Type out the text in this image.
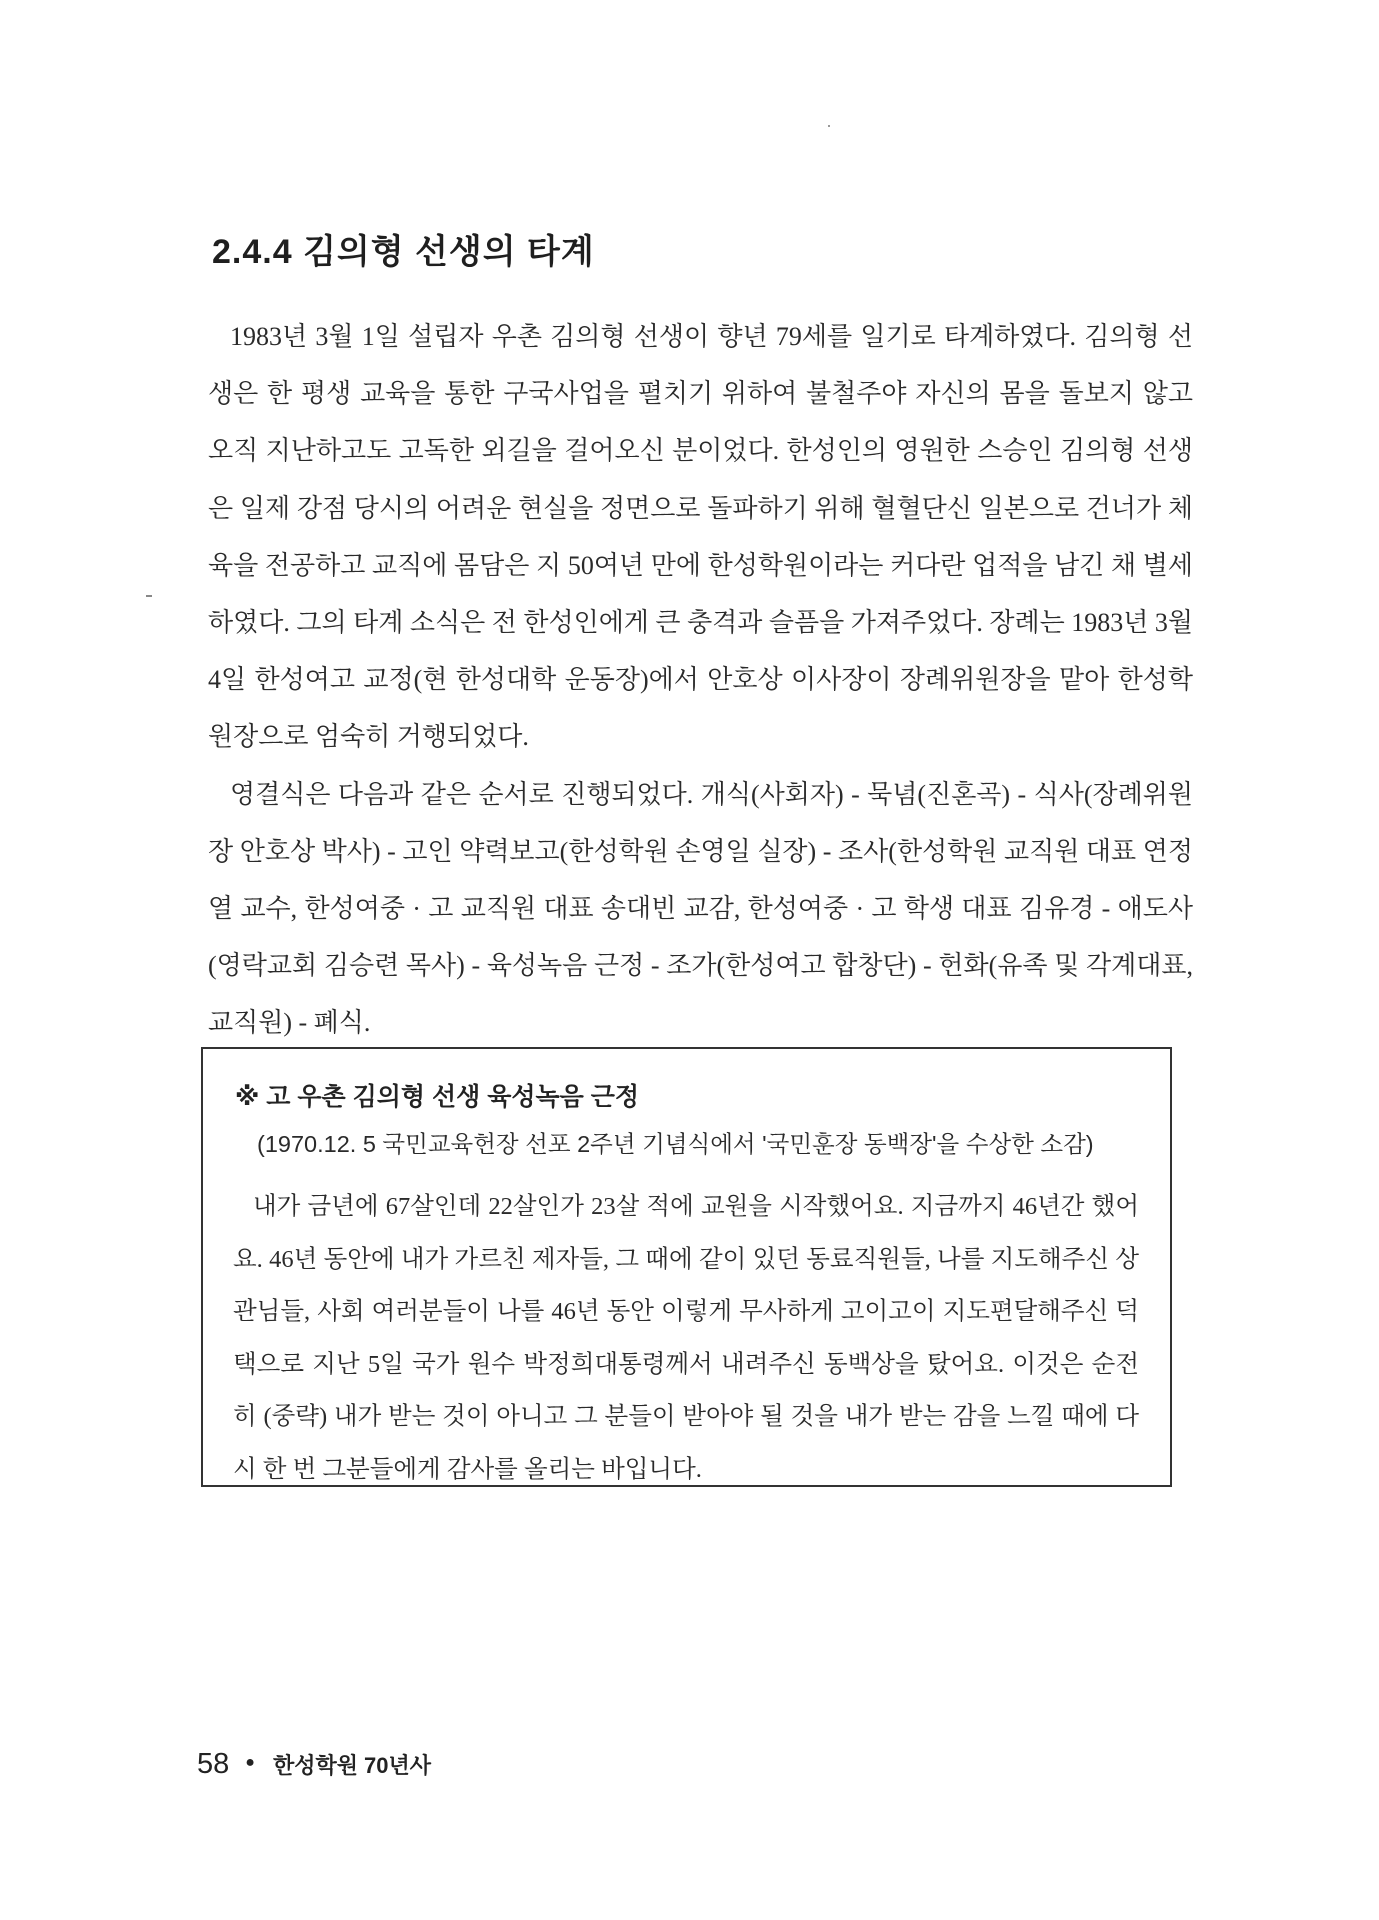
2.4.4 김의형 선생의 타계

1983년 3월 1일 설립자 우촌 김의형 선생이 향년 79세를 일기로 타계하였다. 김의형 선생은 한 평생 교육을 통한 구국사업을 펼치기 위하여 불철주야 자신의 몸을 돌보지 않고 오직 지난하고도 고독한 외길을 걸어오신 분이었다. 한성인의 영원한 스승인 김의형 선생은 일제 강점 당시의 어려운 현실을 정면으로 돌파하기 위해 혈혈단신 일본으로 건너가 체육을 전공하고 교직에 몸담은 지 50여년 만에 한성학원이라는 커다란 업적을 남긴 채 별세하였다. 그의 타계 소식은 전 한성인에게 큰 충격과 슬픔을 가져주었다. 장례는 1983년 3월 4일 한성여고 교정(현 한성대학 운동장)에서 안호상 이사장이 장례위원장을 맡아 한성학원장으로 엄숙히 거행되었다.

영결식은 다음과 같은 순서로 진행되었다. 개식(사회자) - 묵념(진혼곡) - 식사(장례위원장 안호상 박사) - 고인 약력보고(한성학원 손영일 실장) - 조사(한성학원 교직원 대표 연정열 교수, 한성여중 · 고 교직원 대표 송대빈 교감, 한성여중 · 고 학생 대표 김유경 - 애도사(영락교회 김승련 목사) - 육성녹음 근정 - 조가(한성여고 합창단) - 헌화(유족 및 각계대표, 교직원) - 폐식.

※ 고 우촌 김의형 선생 육성녹음 근정
(1970.12. 5 국민교육헌장 선포 2주년 기념식에서 '국민훈장 동백장'을 수상한 소감)

내가 금년에 67살인데 22살인가 23살 적에 교원을 시작했어요. 지금까지 46년간 했어요. 46년 동안에 내가 가르친 제자들, 그 때에 같이 있던 동료직원들, 나를 지도해주신 상관님들, 사회 여러분들이 나를 46년 동안 이렇게 무사하게 고이고이 지도편달해주신 덕택으로 지난 5일 국가 원수 박정희대통령께서 내려주신 동백상을 탔어요. 이것은 순전히 (중략) 내가 받는 것이 아니고 그 분들이 받아야 될 것을 내가 받는 감을 느낄 때에 다시 한 번 그분들에게 감사를 올리는 바입니다.

58 ● 한성학원 70년사
